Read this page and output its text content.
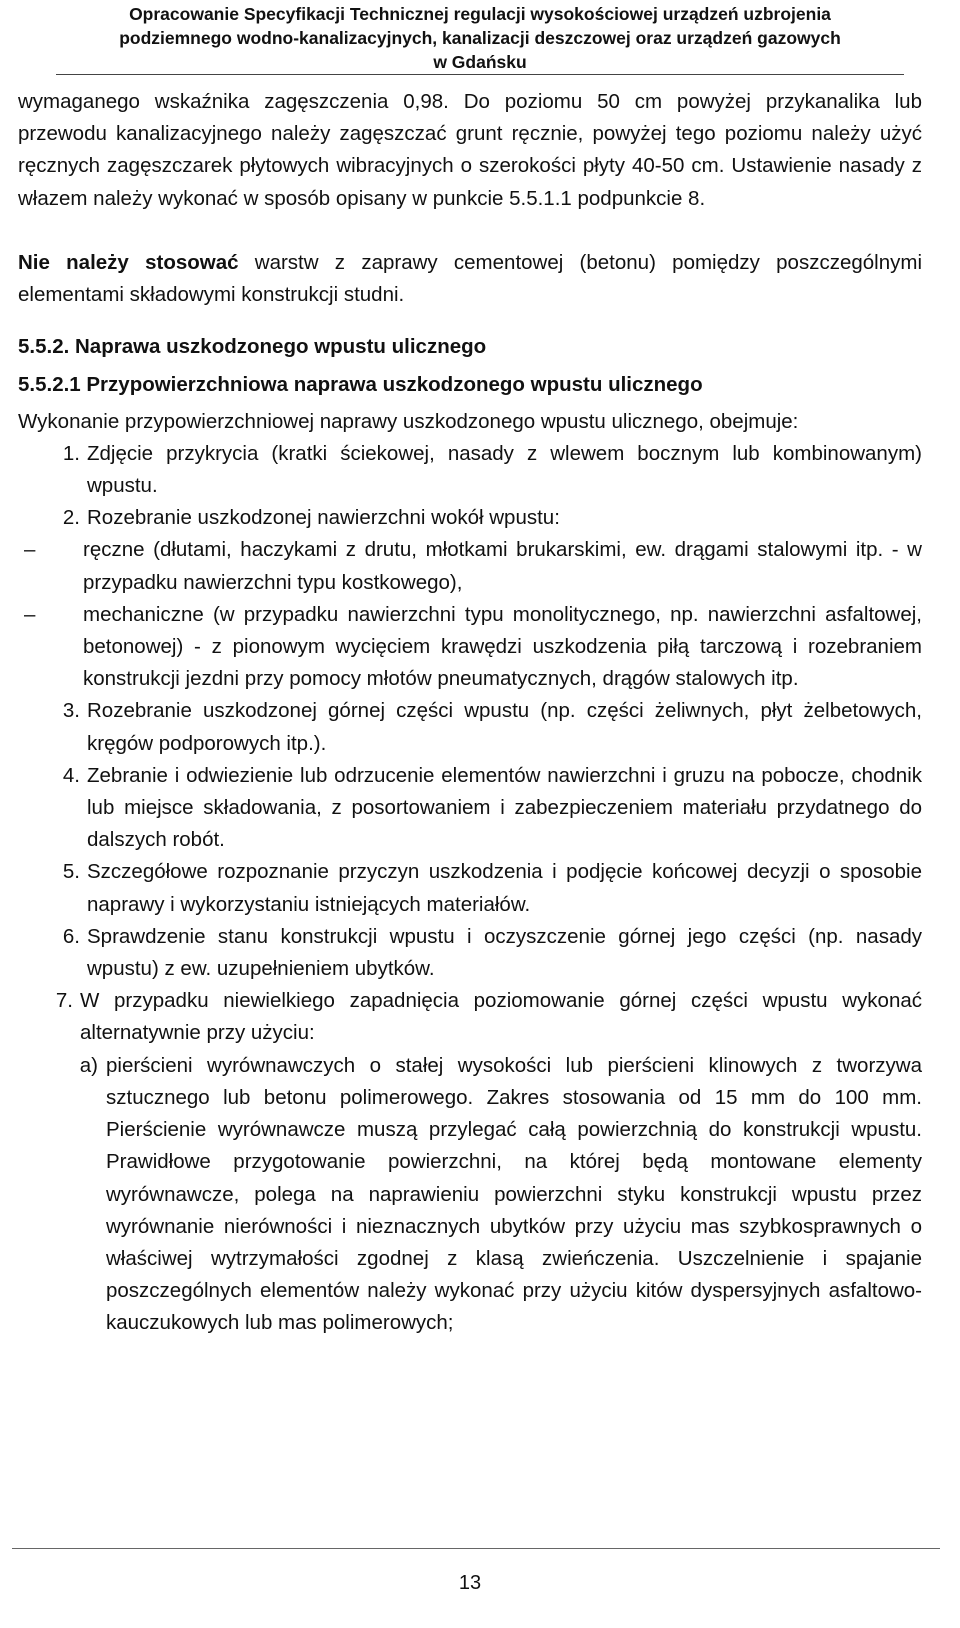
Opracowanie Specyfikacji Technicznej regulacji wysokościowej urządzeń uzbrojenia
podziemnego wodno-kanalizacyjnych, kanalizacji deszczowej oraz urządzeń gazowych
w Gdańsku

wymaganego wskaźnika zagęszczenia 0,98. Do poziomu 50 cm powyżej przykanalika lub przewodu kanalizacyjnego należy zagęszczać grunt ręcznie, powyżej tego poziomu należy użyć ręcznych zagęszczarek płytowych wibracyjnych o szerokości płyty 40-50 cm. Ustawienie nasady z włazem należy wykonać w sposób opisany w punkcie 5.5.1.1 podpunkcie 8.

Nie należy stosować warstw z zaprawy cementowej (betonu) pomiędzy poszczególnymi elementami składowymi konstrukcji studni.

5.5.2. Naprawa uszkodzonego wpustu ulicznego

5.5.2.1 Przypowierzchniowa naprawa uszkodzonego wpustu ulicznego

Wykonanie przypowierzchniowej naprawy uszkodzonego wpustu ulicznego, obejmuje:

1. Zdjęcie przykrycia (kratki ściekowej, nasady z wlewem bocznym lub kombinowanym) wpustu.
2. Rozebranie uszkodzonej nawierzchni wokół wpustu:
–	ręczne (dłutami, haczykami z drutu, młotkami brukarskimi, ew. drągami stalowymi itp. - w przypadku nawierzchni typu kostkowego),
–	mechaniczne (w przypadku nawierzchni typu monolitycznego, np. nawierzchni asfaltowej, betonowej) - z pionowym wycięciem krawędzi uszkodzenia piłą tarczową i rozebraniem konstrukcji jezdni przy pomocy młotów pneumatycznych, drągów stalowych itp.
3. Rozebranie uszkodzonej górnej części wpustu (np. części żeliwnych, płyt żelbetowych, kręgów podporowych itp.).
4. Zebranie i odwiezienie lub odrzucenie elementów nawierzchni i gruzu na pobocze, chodnik lub miejsce składowania, z posortowaniem i zabezpieczeniem materiału przydatnego do dalszych robót.
5. Szczegółowe rozpoznanie przyczyn uszkodzenia i podjęcie końcowej decyzji o sposobie naprawy i wykorzystaniu istniejących materiałów.
6. Sprawdzenie stanu konstrukcji wpustu i oczyszczenie górnej jego części (np. nasady wpustu) z ew. uzupełnieniem ubytków.
7. W przypadku niewielkiego zapadnięcia poziomowanie górnej części wpustu wykonać alternatywnie przy użyciu:
a) pierścieni wyrównawczych o stałej wysokości lub pierścieni klinowych z tworzywa sztucznego lub betonu polimerowego. Zakres stosowania od 15 mm do 100 mm. Pierścienie wyrównawcze muszą przylegać całą powierzchnią do konstrukcji wpustu. Prawidłowe przygotowanie powierzchni, na której będą montowane elementy wyrównawcze, polega na naprawieniu powierzchni styku konstrukcji wpustu przez wyrównanie nierówności i nieznacznych ubytków przy użyciu mas szybkosprawnych o właściwej wytrzymałości zgodnej z klasą zwieńczenia. Uszczelnienie i spajanie poszczególnych elementów należy wykonać przy użyciu kitów dyspersyjnych asfaltowo-kauczukowych lub mas polimerowych;
13
